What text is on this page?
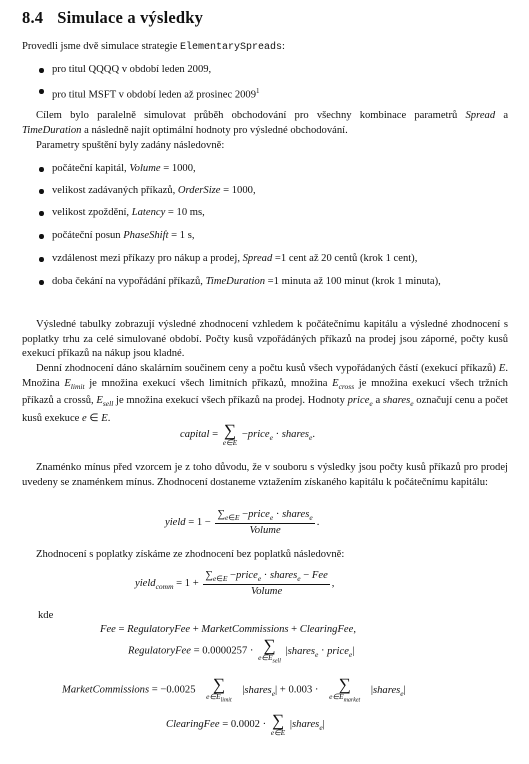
8.4 Simulace a výsledky
Provedli jsme dvě simulace strategie ElementarySpreads:
pro titul QQQQ v období leden 2009,
pro titul MSFT v období leden až prosinec 2009$^1$
Cílem bylo paralelně simulovat průběh obchodování pro všechny kombinace parametrů Spread a TimeDuration a následně najít optimální hodnoty pro výsledné obchodování.
Parametry spuštění byly zadány následovně:
počáteční kapitál, Volume = 1000,
velikost zadávaných příkazů, OrderSize = 1000,
velikost zpoždění, Latency = 10 ms,
počáteční posun PhaseShift = 1 s,
vzdálenost mezi příkazy pro nákup a prodej, Spread =1 cent až 20 centů (krok 1 cent),
doba čekání na vypořádání příkazů, TimeDuration =1 minuta až 100 minut (krok 1 minuta),
Výsledné tabulky zobrazují výsledné zhodnocení vzhledem k počátečnímu kapitálu a výsledné zhodnocení s poplatky trhu za celé simulované období. Počty kusů vzpořádáných příkazů na prodej jsou záporné, počty kusů exekucí příkazů na nákup jsou kladné.
Denní zhodnocení dáno skalárním součinem ceny a počtu kusů všech vypořádaných částí (exekucí příkazů) E. Množina $E_{limit}$ je množina exekucí všech limitních příkazů, množina $E_{cross}$ je množina exekucí všech tržních příkazů a crossů, $E_{sell}$ je množina exekucí všech příkazů na prodej. Hodnoty price$_e$ a shares$_e$ označují cenu a počet kusů exekuce e ∈ E.
capital = ∑
e∈E
−price$_e$ · shares$_e$.
Znaménko mínus před vzorcem je z toho důvodu, že v souboru s výsledky jsou počty kusů příkazů pro prodej uvedeny se znaménkem mínus. Zhodnocení dostaneme vztažením získaného kapitálu k počátečnímu kapitálu:
yield = $1 - \frac{\sum_{e\in E} -price_e \cdot shares_e}{\text{Volume}}$ .
Zhodnocení s poplatky získáme ze zhodnocení bez poplatků následovně:
yield$_{comm}$ = $1 + \frac{\sum_{e\in E} -price_e \cdot shares_e - Fee}{\text{Volume}}$ ,
kde
Fee = RegulatoryFee + MarketCommissions + ClearingFee,
RegulatoryFee = 0.0000257 · ∑
$e\in E_{sell}$
|shares$_e$ · price$_e$|
MarketCommissions = −0.0025	∑
$e\in E_{limit}$
|shares$_e$| + 0.003 ·	∑
$e\in E_{market}$
|shares$_e$|
ClearingFee = 0.0002 · ∑
e∈E
|shares$_e$|
